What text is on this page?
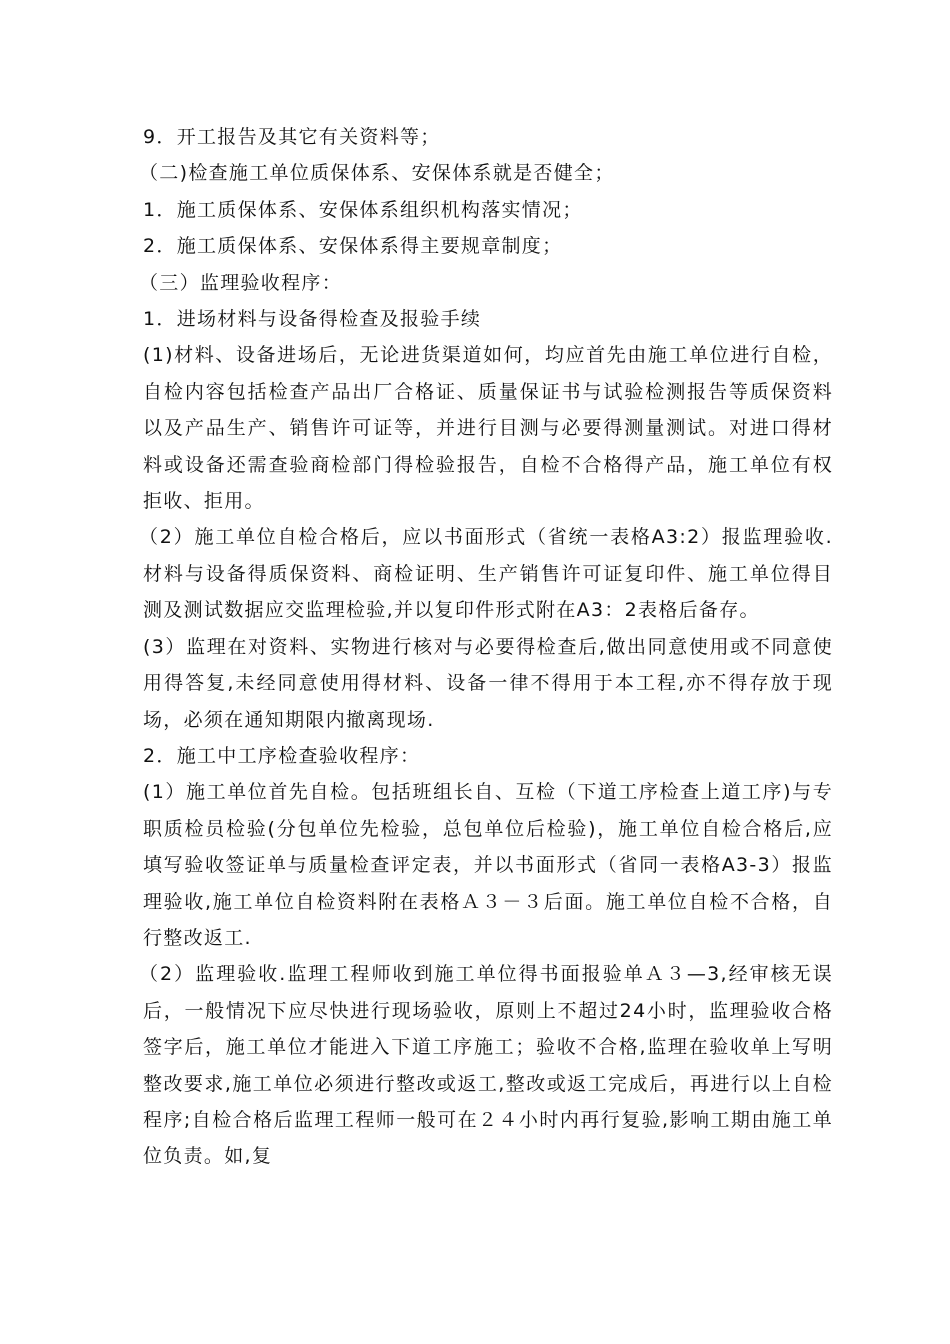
9．开工报告及其它有关资料等；

（二)检查施工单位质保体系、安保体系就是否健全；

1．施工质保体系、安保体系组织机构落实情况；

2．施工质保体系、安保体系得主要规章制度；

（三）监理验收程序：

1．进场材料与设备得检查及报验手续

(1)材料、设备进场后，无论进货渠道如何，均应首先由施工单位进行自检，自检内容包括检查产品出厂合格证、质量保证书与试验检测报告等质保资料以及产品生产、销售许可证等，并进行目测与必要得测量测试。对进口得材料或设备还需查验商检部门得检验报告，自检不合格得产品，施工单位有权拒收、拒用。

（2）施工单位自检合格后，应以书面形式（省统一表格A3:2）报监理验收.材料与设备得质保资料、商检证明、生产销售许可证复印件、施工单位得目测及测试数据应交监理检验,并以复印件形式附在A3：2表格后备存。

(3）监理在对资料、实物进行核对与必要得检查后,做出同意使用或不同意使用得答复,未经同意使用得材料、设备一律不得用于本工程,亦不得存放于现场，必须在通知期限内撤离现场.

2．施工中工序检查验收程序：

(1）施工单位首先自检。包括班组长自、互检（下道工序检查上道工序)与专职质检员检验(分包单位先检验，总包单位后检验)，施工单位自检合格后,应填写验收签证单与质量检查评定表，并以书面形式（省同一表格A3-3）报监理验收,施工单位自检资料附在表格Ａ３－３后面。施工单位自检不合格，自行整改返工.

（2）监理验收.监理工程师收到施工单位得书面报验单Ａ３—3,经审核无误后，一般情况下应尽快进行现场验收，原则上不超过24小时，监理验收合格签字后，施工单位才能进入下道工序施工；验收不合格,监理在验收单上写明整改要求,施工单位必须进行整改或返工,整改或返工完成后，再进行以上自检程序;自检合格后监理工程师一般可在２４小时内再行复验,影响工期由施工单位负责。如,复
